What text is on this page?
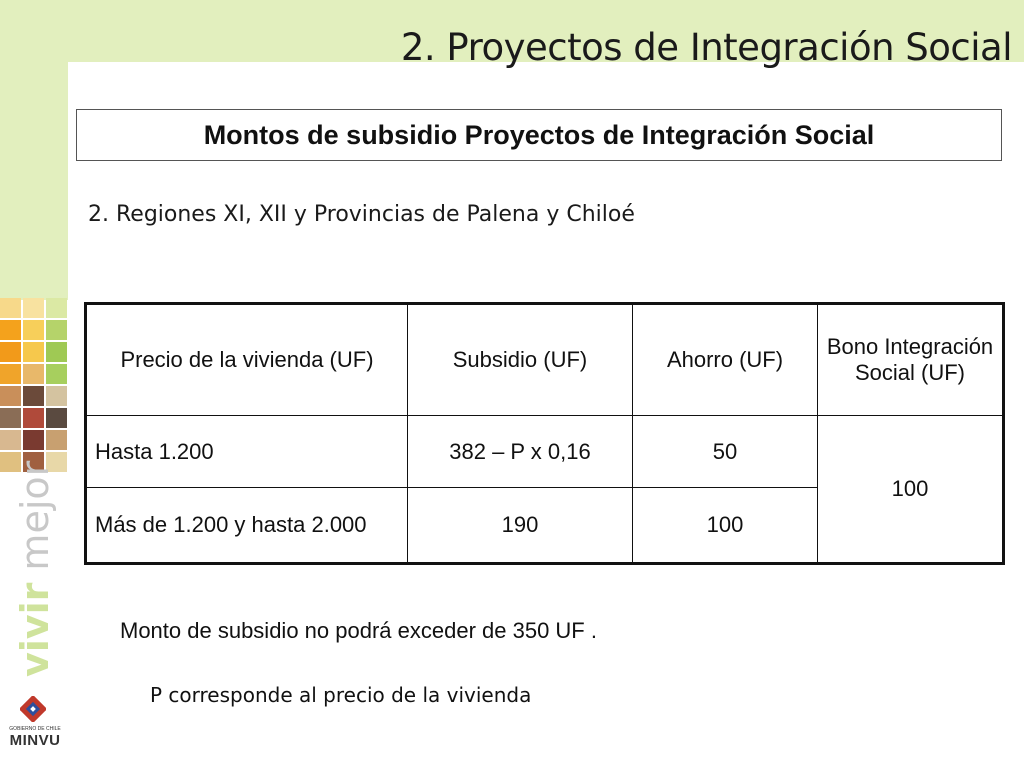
2. Proyectos de Integración Social
vivir mejor
GOBIERNO DE CHILE
MINVU
Montos de subsidio Proyectos de Integración Social
2. Regiones XI, XII y Provincias de Palena y Chiloé
Precio de la vivienda (UF)	Subsidio (UF)	Ahorro (UF)	Bono Integración Social (UF)
Hasta 1.200	382 – P x 0,16	50	100
Más de 1.200 y hasta 2.000	190	100	
Monto de subsidio no podrá exceder de 350 UF .
P corresponde al precio de la vivienda
